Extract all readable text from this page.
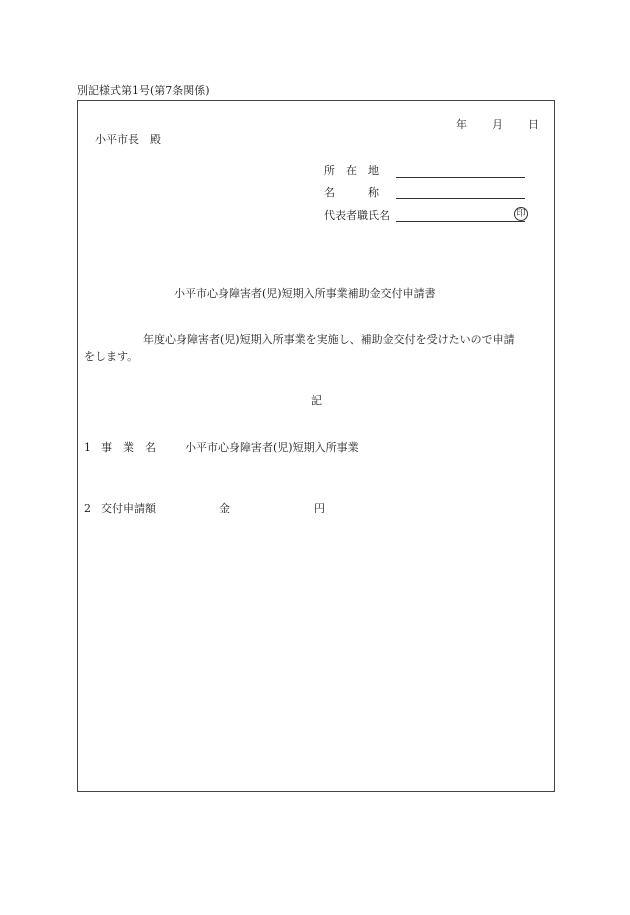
別記様式第1号(第7条関係)
年 月 日
小平市長　殿
所　在　地
名　　　称
代表者職氏名	印
小平市心身障害者(児)短期入所事業補助金交付申請書
年度心身障害者(児)短期入所事業を実施し、補助金交付を受けたいので申請
をします。
記
1 事　業　名	小平市心身障害者(児)短期入所事業
2 交付申請額	金	円
